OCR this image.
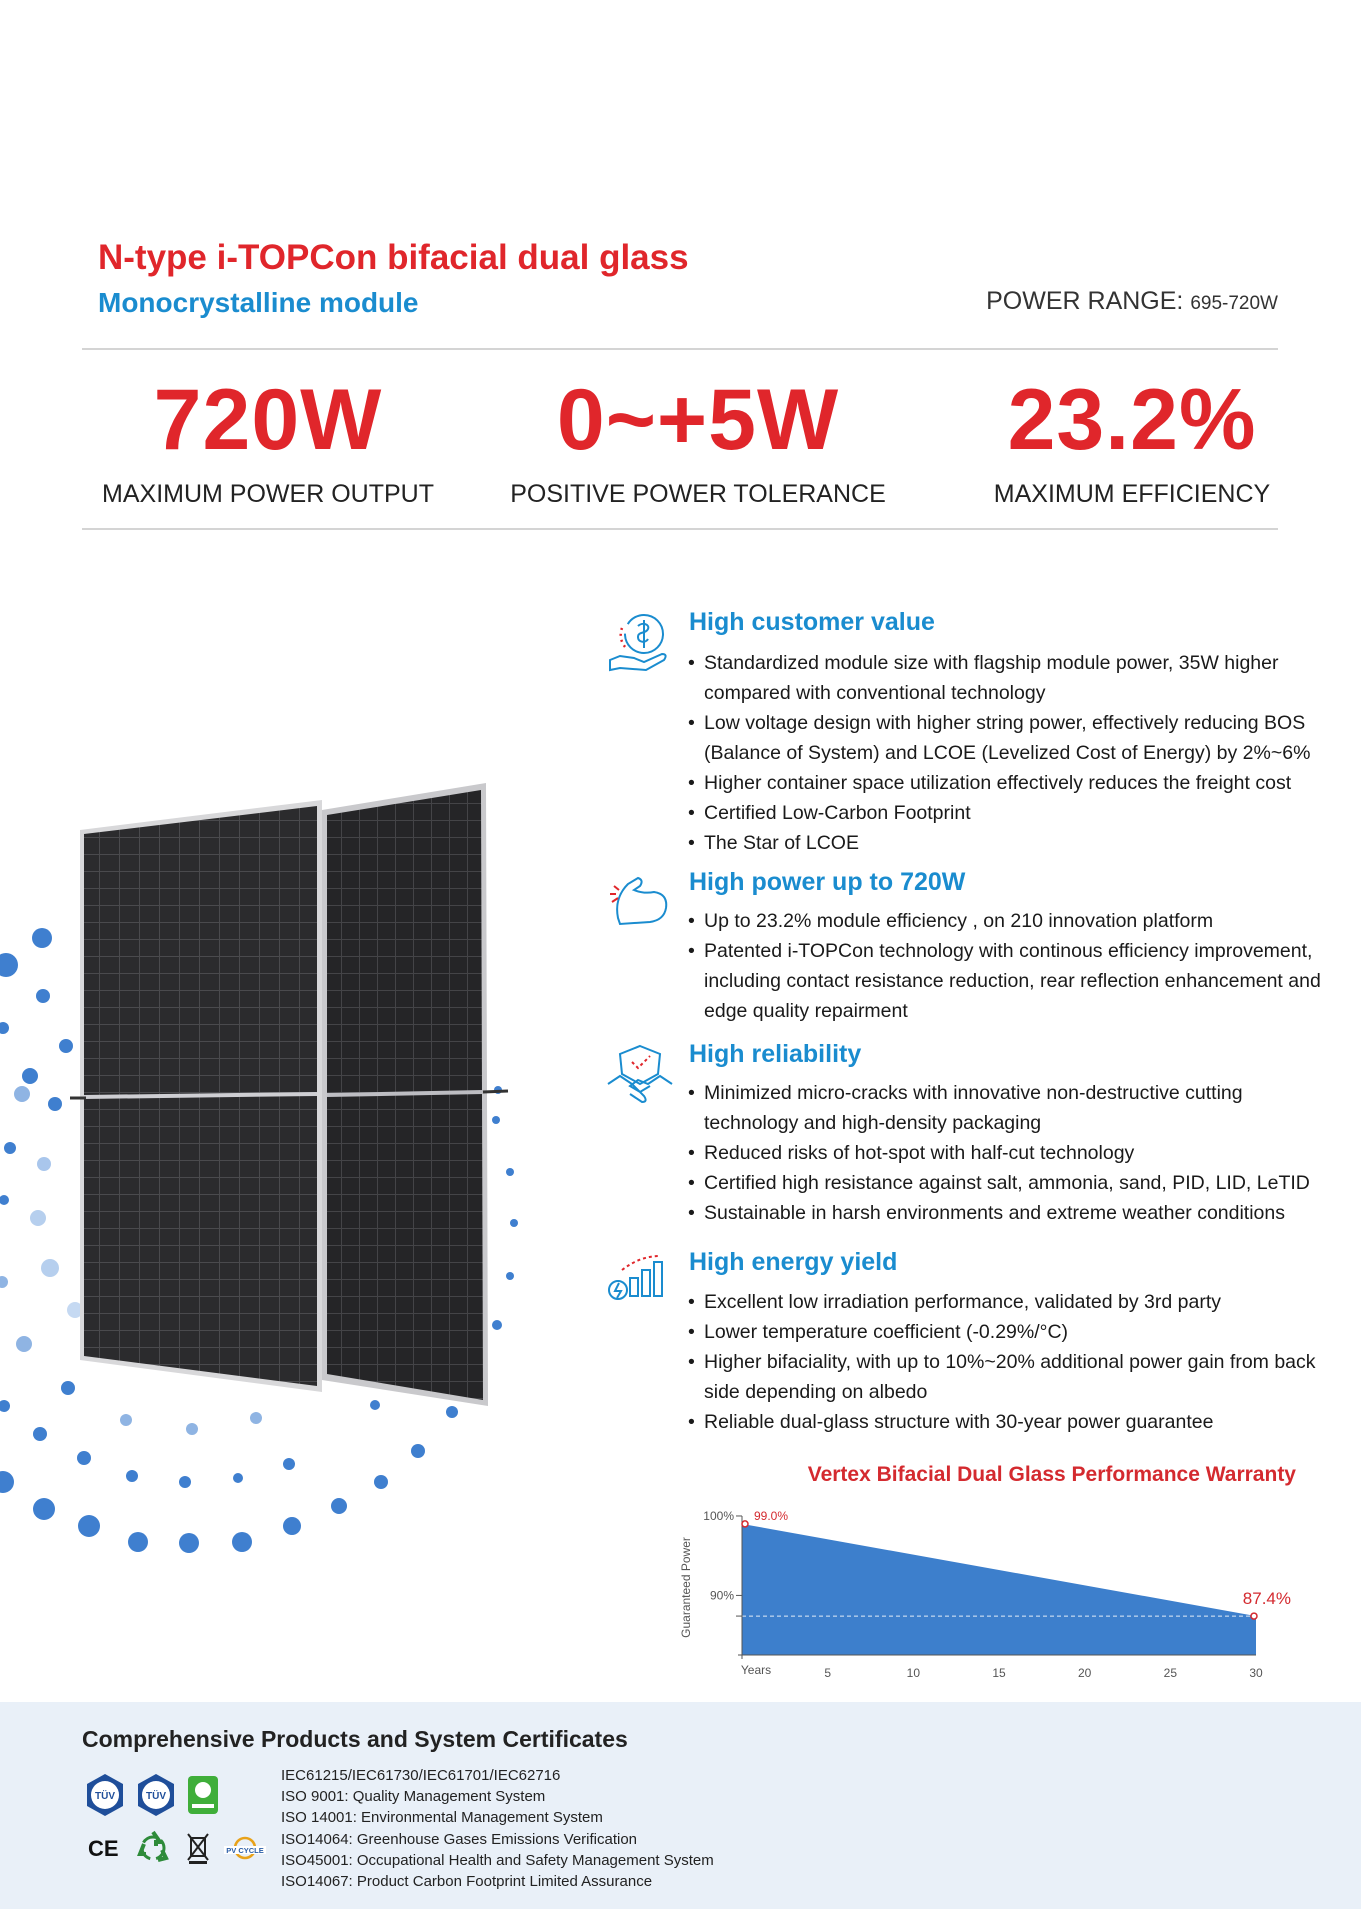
N-type i-TOPCon bifacial dual glass
Monocrystalline module	POWER RANGE: 695-720W
720W
MAXIMUM POWER OUTPUT
0~+5W
POSITIVE POWER TOLERANCE
23.2%
MAXIMUM EFFICIENCY
High customer value
• Standardized module size with flagship module power, 35W higher compared with conventional technology
• Low voltage design with higher string power, effectively reducing BOS (Balance of System) and LCOE (Levelized Cost of Energy) by 2%~6%
• Higher container space utilization effectively reduces the freight cost
• Certified Low-Carbon Footprint
• The Star of LCOE
High power up to 720W
• Up to 23.2% module efficiency , on 210 innovation platform
• Patented i-TOPCon technology with continous efficiency improvement, including contact resistance reduction, rear reflection enhancement and edge quality repairment
High reliability
• Minimized micro-cracks with innovative non-destructive cutting technology and high-density packaging
• Reduced risks of hot-spot with half-cut technology
• Certified high resistance against salt, ammonia, sand, PID, LID, LeTID
• Sustainable in harsh environments and extreme weather conditions
High energy yield
• Excellent low irradiation performance, validated by 3rd party
• Lower temperature coefficient (-0.29%/°C)
• Higher bifaciality, with up to 10%~20% additional power gain from back side depending on albedo
• Reliable dual-glass structure with 30-year power guarantee
Vertex Bifacial Dual Glass Performance Warranty
100%
90%
5	10	15	20	25	30
Years
Guaranteed Power
99.0%
87.4%
Comprehensive Products and System Certificates
TÜV	TÜV
CE	PV CYCLE
IEC61215/IEC61730/IEC61701/IEC62716
ISO 9001: Quality Management System
ISO 14001: Environmental Management System
ISO14064: Greenhouse Gases Emissions Verification
ISO45001: Occupational Health and Safety Management System
ISO14067: Product Carbon Footprint Limited Assurance
